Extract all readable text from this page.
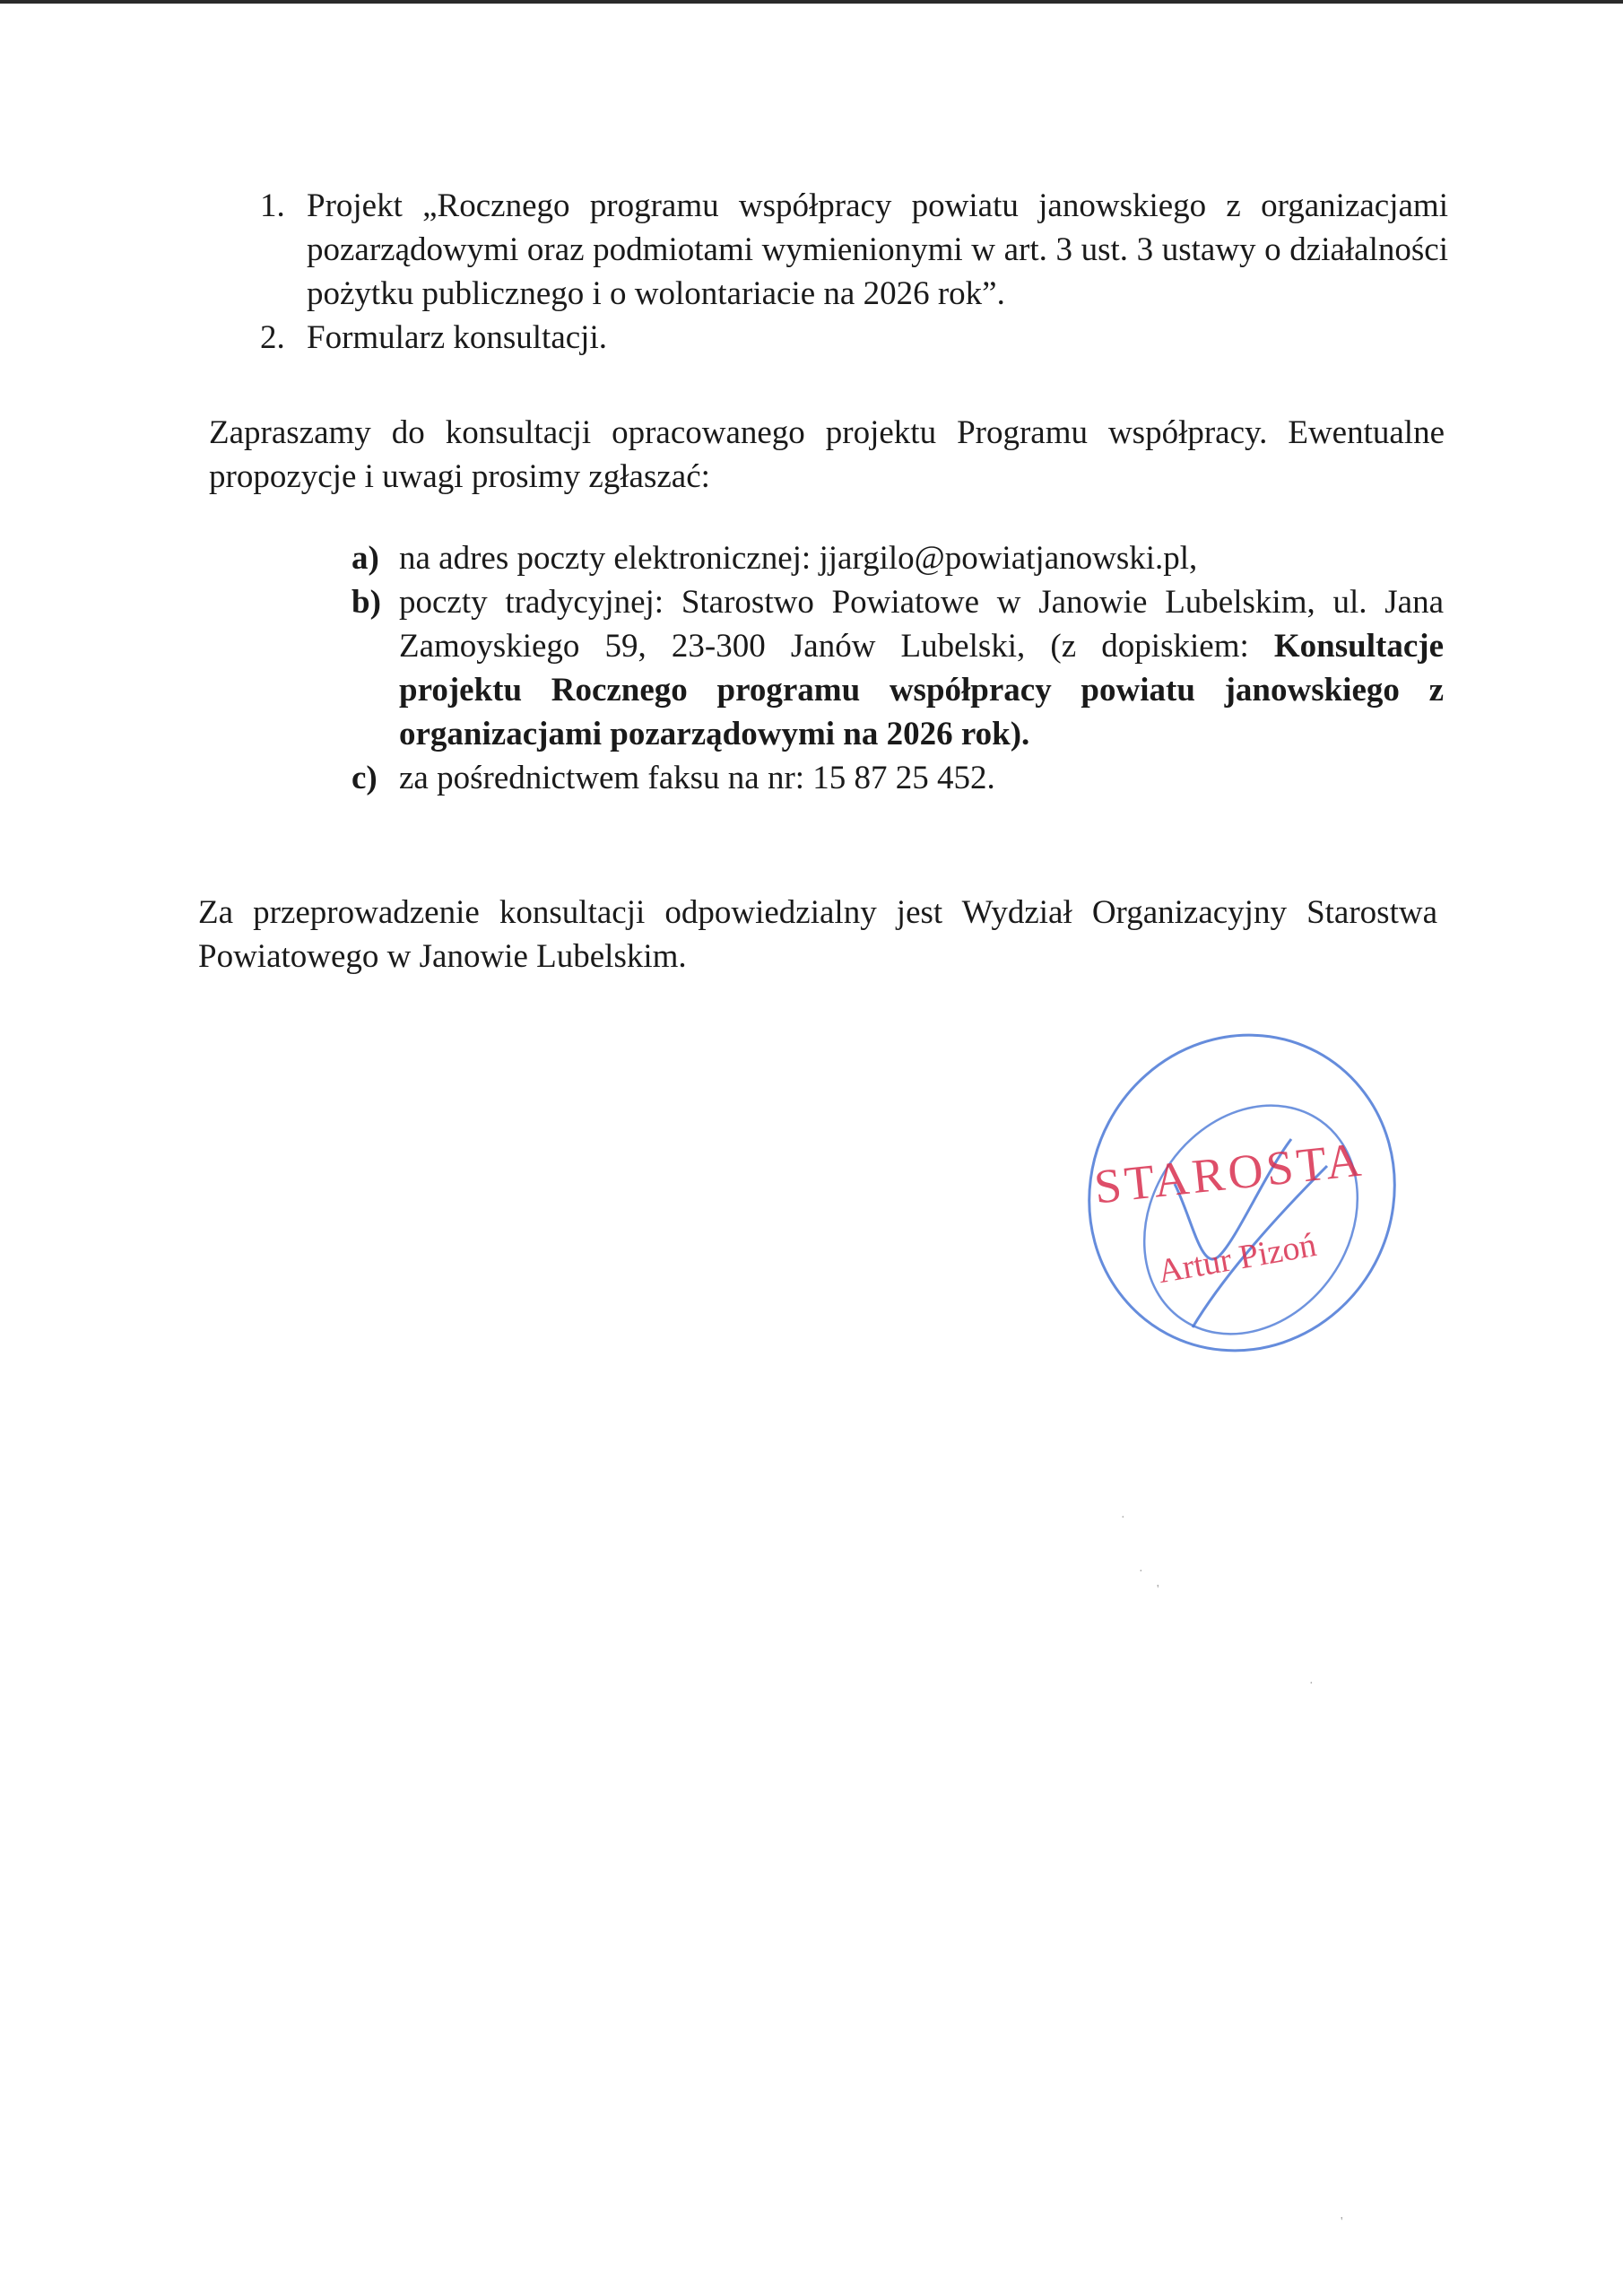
1. Projekt „Rocznego programu współpracy powiatu janowskiego z organizacjami pozarządowymi oraz podmiotami wymienionymi w art. 3 ust. 3 ustawy o działalności pożytku publicznego i o wolontariacie na 2026 rok”.
2. Formularz konsultacji.
Zapraszamy do konsultacji opracowanego projektu Programu współpracy. Ewentualne propozycje i uwagi prosimy zgłaszać:
a) na adres poczty elektronicznej: jjargilo@powiatjanowski.pl,
b) poczty tradycyjnej: Starostwo Powiatowe w Janowie Lubelskim, ul. Jana Zamoyskiego 59, 23-300 Janów Lubelski, (z dopiskiem: Konsultacje projektu Rocznego programu współpracy powiatu janowskiego z organizacjami pozarządowymi na 2026 rok).
c) za pośrednictwem faksu na nr: 15 87 25 452.
Za przeprowadzenie konsultacji odpowiedzialny jest Wydział Organizacyjny Starostwa Powiatowego w Janowie Lubelskim.
STAROSTA
Artur Pizoń
·
·
'
·
'
